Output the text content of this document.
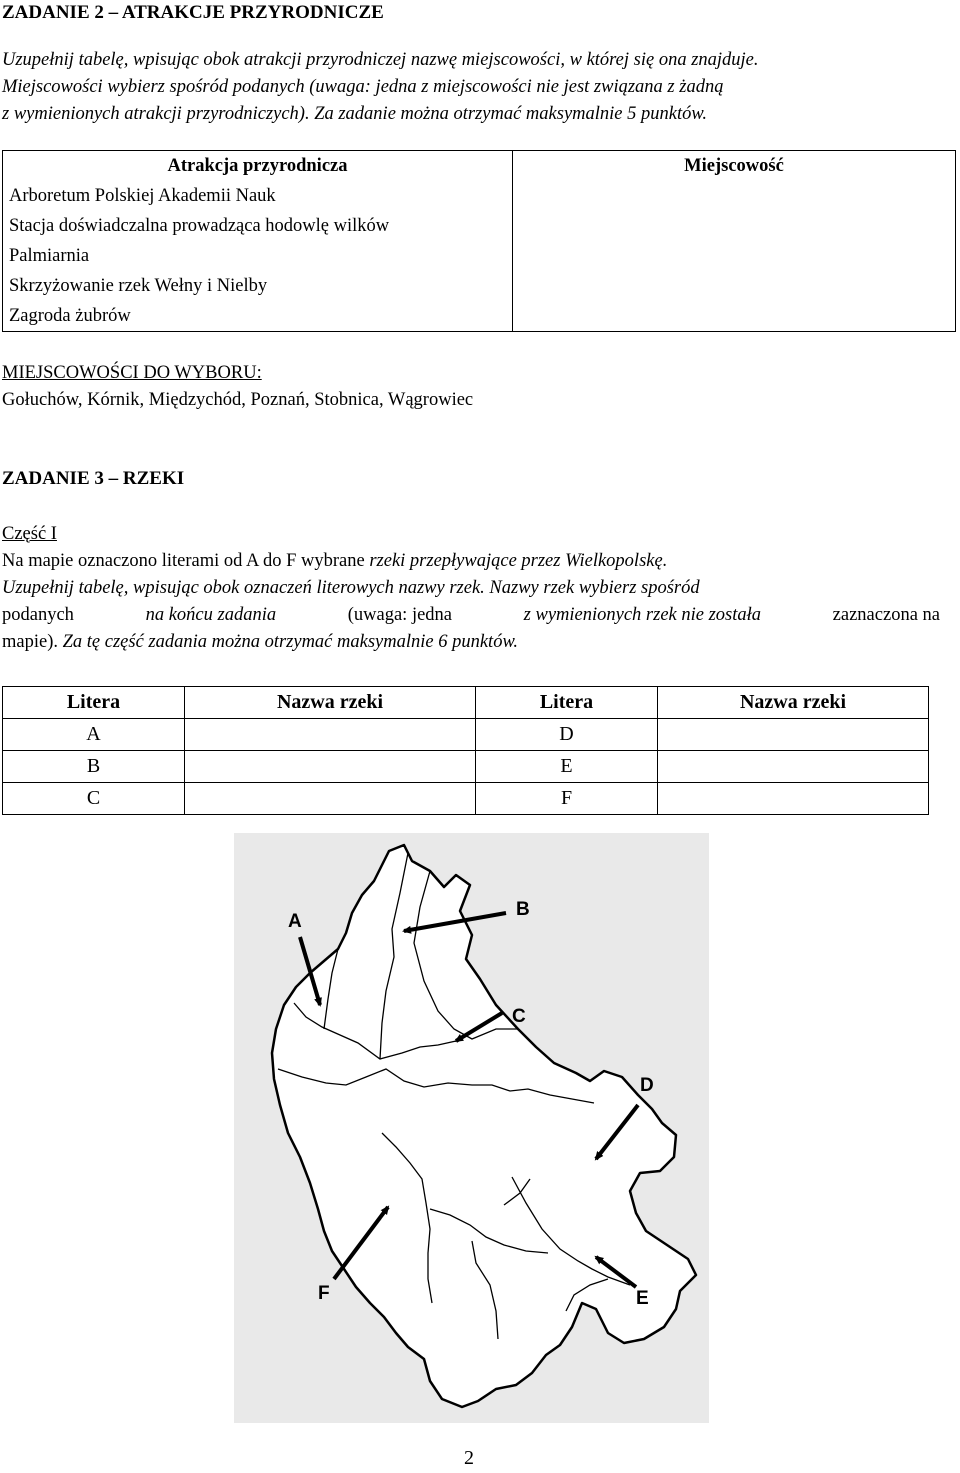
ZADANIE 2 – ATRAKCJE PRZYRODNICZE
Uzupełnij tabelę, wpisując obok atrakcji przyrodniczej nazwę miejscowości, w której się ona znajduje.
Miejscowości wybierz spośród podanych (uwaga: jedna z miejscowości nie jest związana z żadną
z wymienionych atrakcji przyrodniczych). Za zadanie można otrzymać maksymalnie 5 punktów.
Atrakcja przyrodnicza	Miejscowość
Arboretum Polskiej Akademii Nauk
Stacja doświadczalna prowadząca hodowlę wilków
Palmiarnia
Skrzyżowanie rzek Wełny i Nielby
Zagroda żubrów
MIEJSCOWOŚCI DO WYBORU:
Gołuchów, Kórnik, Międzychód, Poznań, Stobnica, Wągrowiec
ZADANIE 3 – RZEKI
Część I
Na mapie oznaczono literami od A do F wybrane rzeki przepływające przez Wielkopolskę.
Uzupełnij tabelę, wpisując obok oznaczeń literowych nazwy rzek. Nazwy rzek wybierz spośród
podanych	na końcu zadania	(uwaga: jedna	z wymienionych rzek nie została	zaznaczona na
mapie). Za tę część zadania można otrzymać maksymalnie 6 punktów.
Litera	Nazwa rzeki	Litera	Nazwa rzeki
A		D	
B		E	
C		F	
A
B
C
D
E
F
2
